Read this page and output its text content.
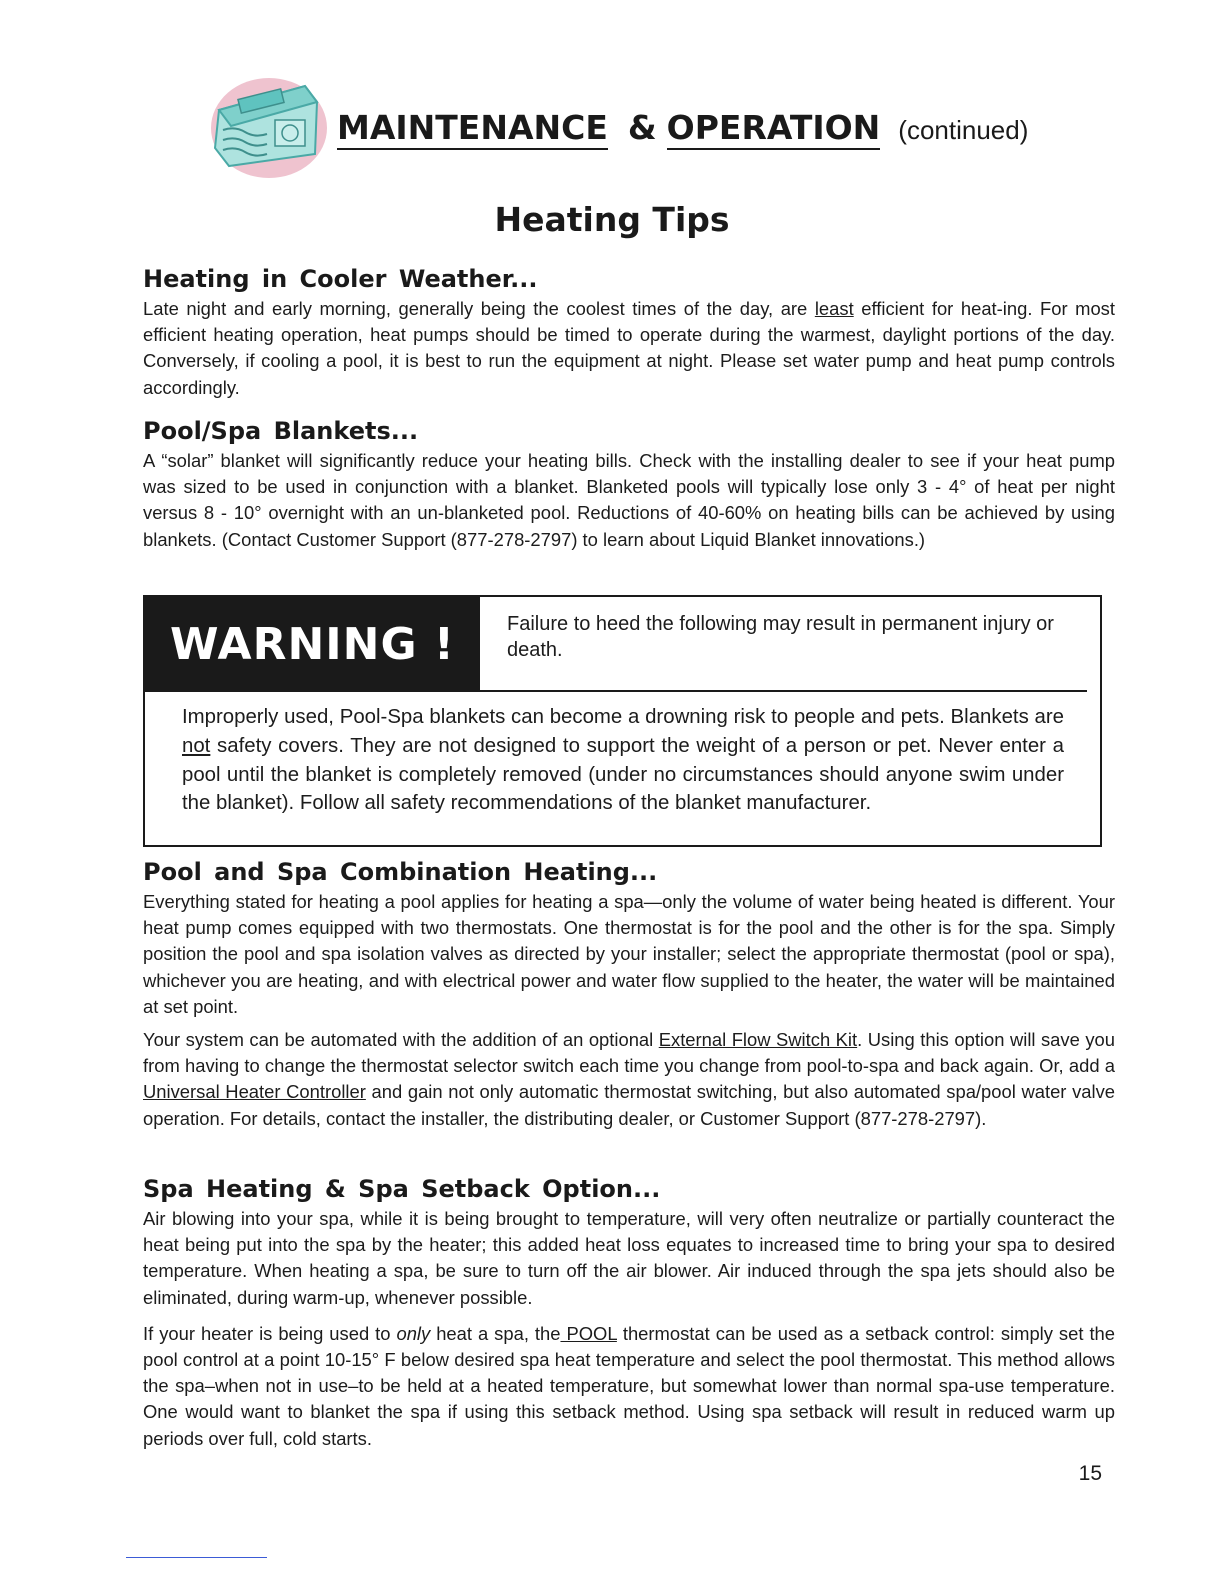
MAINTENANCE & OPERATION (continued)
Heating Tips
Heating in Cooler Weather...

Late night and early morning, generally being the coolest times of the day, are least efficient for heat-ing. For most efficient heating operation, heat pumps should be timed to operate during the warmest, daylight portions of the day. Conversely, if cooling a pool, it is best to run the equipment at night. Please set water pump and heat pump controls accordingly.

Pool/Spa Blankets...

A “solar” blanket will significantly reduce your heating bills. Check with the installing dealer to see if your heat pump was sized to be used in conjunction with a blanket. Blanketed pools will typically lose only 3 - 4° of heat per night versus 8 - 10° overnight with an un-blanketed pool. Reductions of 40-60% on heating bills can be achieved by using blankets. (Contact Customer Support (877-278-2797) to learn about Liquid Blanket innovations.)

WARNING !	Failure to heed the following may result in permanent injury or death.

Improperly used, Pool-Spa blankets can become a drowning risk to people and pets. Blankets are not safety covers. They are not designed to support the weight of a person or pet. Never enter a pool until the blanket is completely removed (under no circumstances should anyone swim under the blanket). Follow all safety recommendations of the blanket manufacturer.

Pool and Spa Combination Heating...

Everything stated for heating a pool applies for heating a spa—only the volume of water being heated is different. Your heat pump comes equipped with two thermostats. One thermostat is for the pool and the other is for the spa. Simply position the pool and spa isolation valves as directed by your installer; select the appropriate thermostat (pool or spa), whichever you are heating, and with electrical power and water flow supplied to the heater, the water will be maintained at set point.

Your system can be automated with the addition of an optional External Flow Switch Kit. Using this option will save you from having to change the thermostat selector switch each time you change from pool-to-spa and back again. Or, add a Universal Heater Controller and gain not only automatic thermostat switching, but also automated spa/pool water valve operation. For details, contact the installer, the distributing dealer, or Customer Support (877-278-2797).

Spa Heating & Spa Setback Option...

Air blowing into your spa, while it is being brought to temperature, will very often neutralize or partially counteract the heat being put into the spa by the heater; this added heat loss equates to increased time to bring your spa to desired temperature. When heating a spa, be sure to turn off the air blower. Air induced through the spa jets should also be eliminated, during warm-up, whenever possible.

If your heater is being used to only heat a spa, the POOL thermostat can be used as a setback control: simply set the pool control at a point 10-15° F below desired spa heat temperature and select the pool thermostat. This method allows the spa–when not in use–to be held at a heated temperature, but somewhat lower than normal spa-use temperature. One would want to blanket the spa if using this setback method. Using spa setback will result in reduced warm up periods over full, cold starts.

15
